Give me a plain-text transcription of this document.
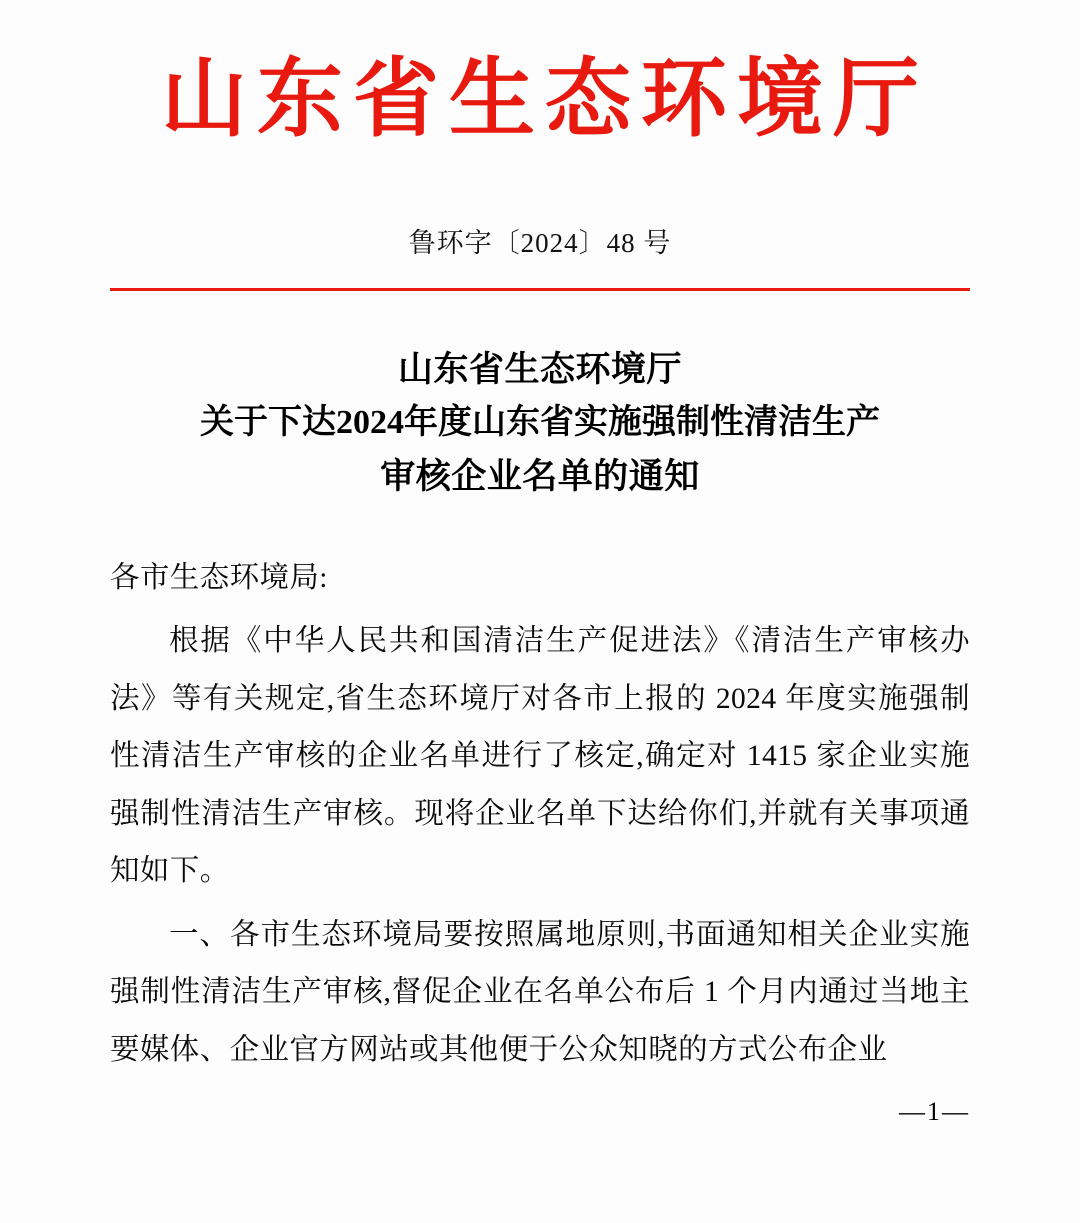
山东省生态环境厅
鲁环字〔2024〕48 号
山东省生态环境厅
关于下达2024年度山东省实施强制性清洁生产
审核企业名单的通知

各市生态环境局:

根据《中华人民共和国清洁生产促进法》《清洁生产审核办法》等有关规定,省生态环境厅对各市上报的 2024 年度实施强制性清洁生产审核的企业名单进行了核定,确定对 1415 家企业实施强制性清洁生产审核。现将企业名单下达给你们,并就有关事项通知如下。

一、各市生态环境局要按照属地原则,书面通知相关企业实施强制性清洁生产审核,督促企业在名单公布后 1 个月内通过当地主要媒体、企业官方网站或其他便于公众知晓的方式公布企业

—1—
